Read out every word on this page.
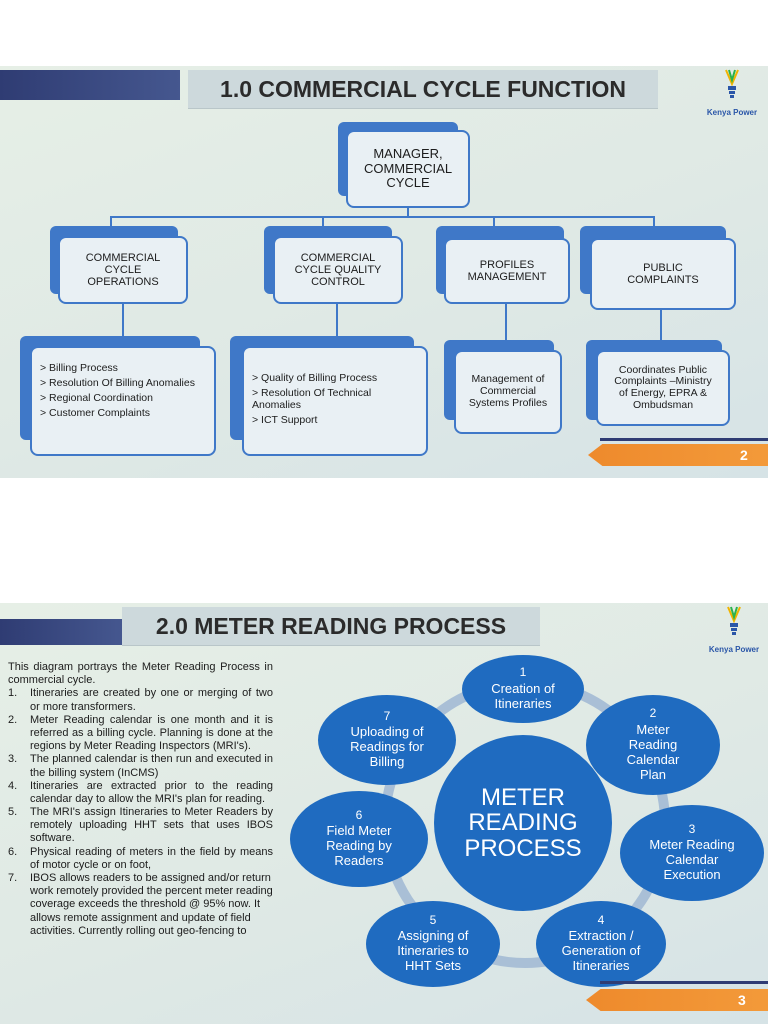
1.0 COMMERCIAL CYCLE FUNCTION
Kenya Power
MANAGER,
COMMERCIAL
CYCLE
COMMERCIAL
CYCLE
OPERATIONS
COMMERCIAL
CYCLE QUALITY
CONTROL
PROFILES
MANAGEMENT
PUBLIC
COMPLAINTS
> Billing Process
> Resolution Of Billing Anomalies
> Regional Coordination
> Customer Complaints
> Quality of Billing Process
> Resolution Of Technical Anomalies
> ICT Support
Management of
Commercial
Systems Profiles
Coordinates Public
Complaints –Ministry
of Energy, EPRA &
Ombudsman
2
2.0 METER READING PROCESS
Kenya Power
This diagram portrays the Meter Reading Process in commercial cycle.
1.	Itineraries are created by one or merging of two or more transformers.
2.	Meter Reading calendar is one month and it is referred as a billing cycle. Planning is done at the regions by Meter Reading Inspectors (MRI's).
3.	The planned calendar is then run and executed in the billing system (InCMS)
4.	Itineraries are extracted prior to the reading calendar day to allow the MRI's plan for reading.
5.	The MRI's assign Itineraries to Meter Readers by remotely uploading HHT sets that uses IBOS software.
6.	Physical reading of meters in the field by means of motor cycle or on foot,
7.	IBOS allows readers to be assigned and/or return work remotely provided the percent meter reading coverage exceeds the threshold @ 95% now. It allows remote assignment and update of field activities. Currently rolling out geo-fencing to
METER
READING
PROCESS
1
Creation of
Itineraries
2
Meter
Reading
Calendar
Plan
3
Meter Reading
Calendar
Execution
4
Extraction /
Generation of
Itineraries
5
Assigning of
Itineraries to
HHT Sets
6
Field Meter
Reading by
Readers
7
Uploading of
Readings for
Billing
3
